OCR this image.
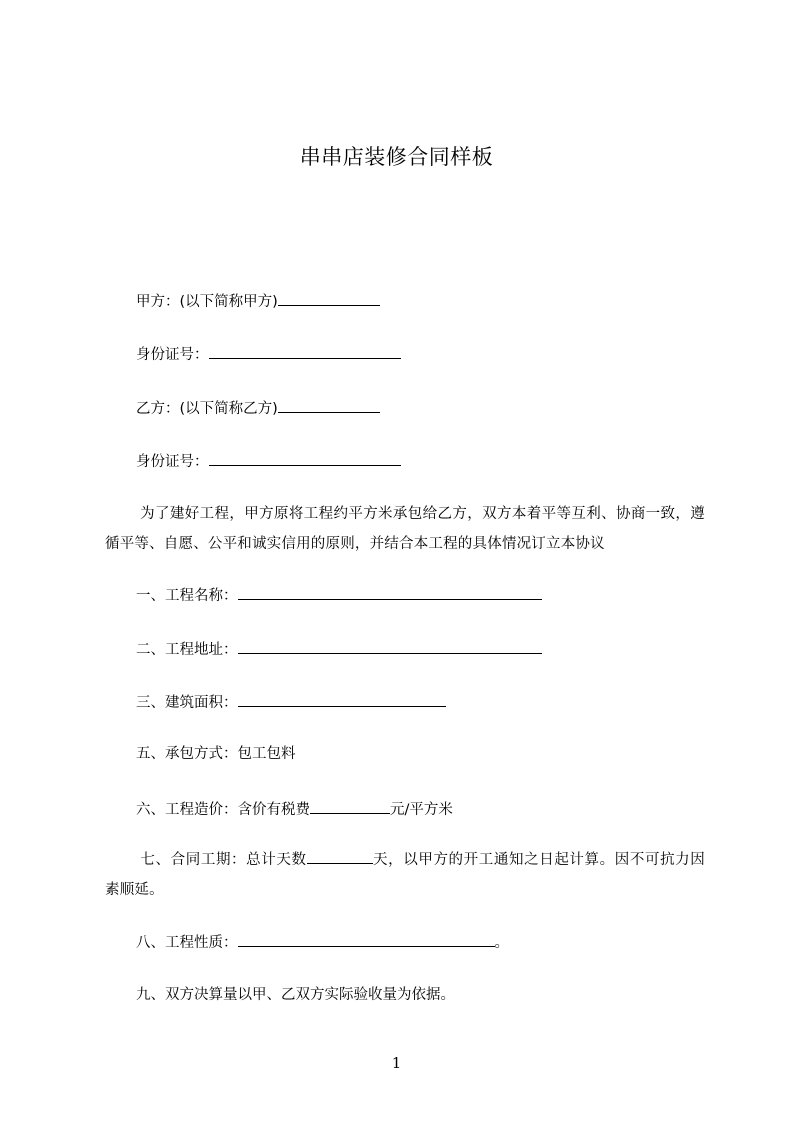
串串店装修合同样板
甲方：(以下简称甲方)
身份证号：
乙方：(以下简称乙方)
身份证号：
为了建好工程，甲方原将工程约平方米承包给乙方，双方本着平等互利、协商一致，遵循平等、自愿、公平和诚实信用的原则，并结合本工程的具体情况订立本协议
一、工程名称：
二、工程地址：
三、建筑面积：
五、承包方式：包工包料
六、工程造价：含价有税费	元/平方米
七、合同工期：总计天数	天，以甲方的开工通知之日起计算。因不可抗力因素顺延。
八、工程性质：	。
九、双方决算量以甲、乙双方实际验收量为依据。
1
